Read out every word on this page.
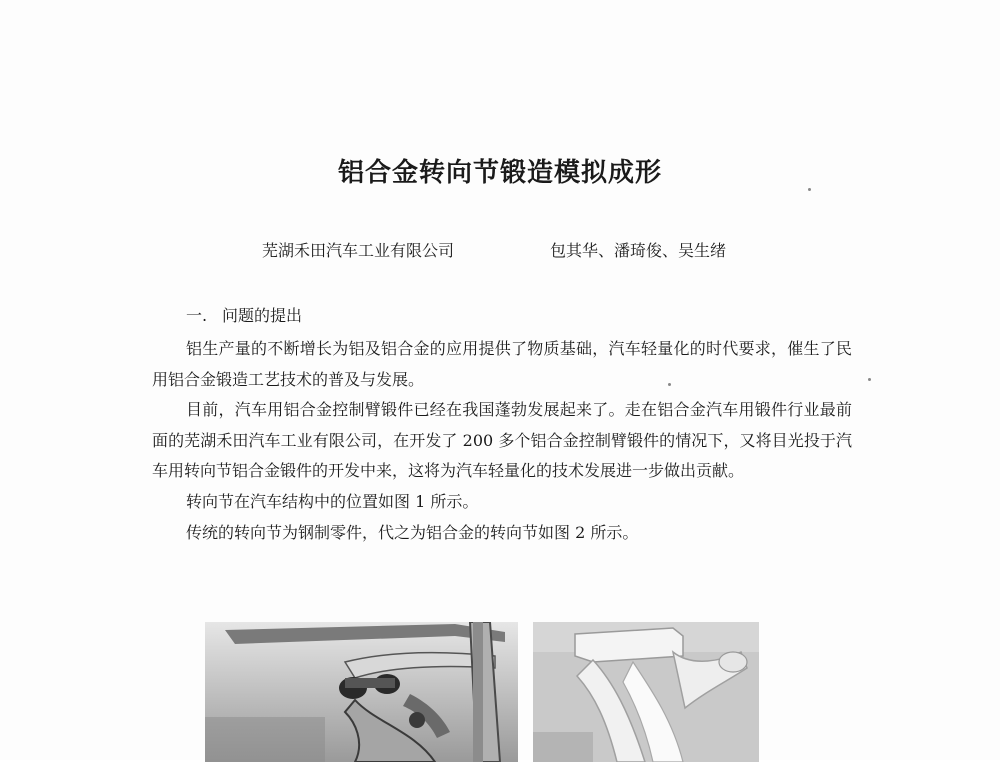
铝合金转向节锻造模拟成形
芜湖禾田汽车工业有限公司	包其华、潘琦俊、吴生绪
一. 问题的提出

铝生产量的不断增长为铝及铝合金的应用提供了物质基础，汽车轻量化的时代要求，催生了民用铝合金锻造工艺技术的普及与发展。

目前，汽车用铝合金控制臂锻件已经在我国蓬勃发展起来了。走在铝合金汽车用锻件行业最前面的芜湖禾田汽车工业有限公司，在开发了 200 多个铝合金控制臂锻件的情况下，又将目光投于汽车用转向节铝合金锻件的开发中来，这将为汽车轻量化的技术发展进一步做出贡献。

转向节在汽车结构中的位置如图 1 所示。

传统的转向节为钢制零件，代之为铝合金的转向节如图 2 所示。
